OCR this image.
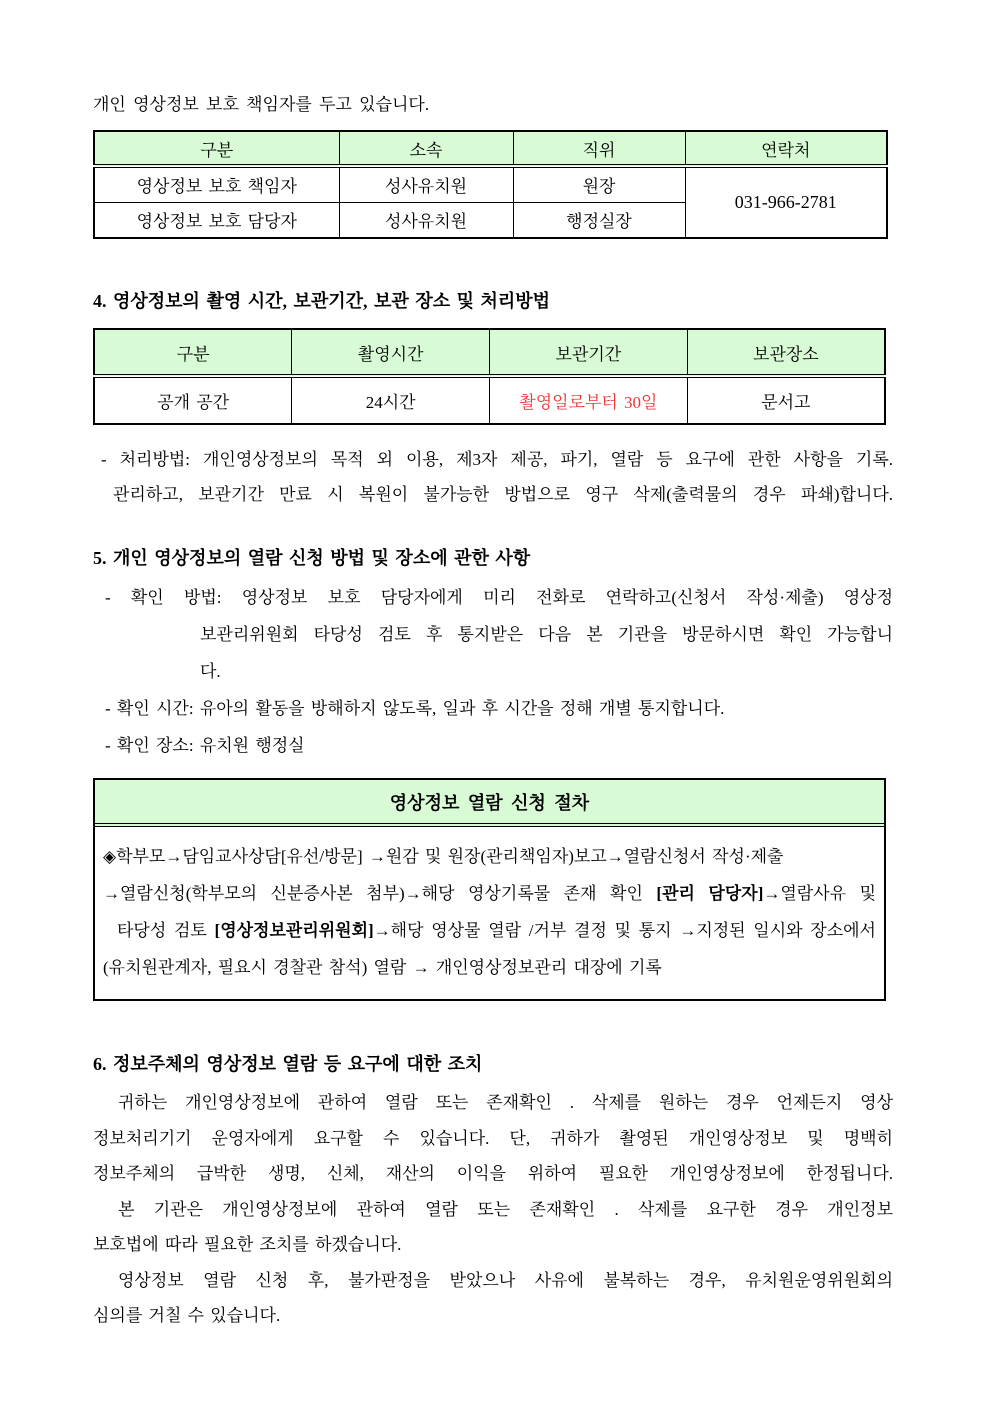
개인 영상정보 보호 책임자를 두고 있습니다.
구분	소속	직위	연락처
영상정보 보호 책임자	성사유치원	원장	031-966-2781
영상정보 보호 담당자	성사유치원	행정실장	
4. 영상정보의 촬영 시간, 보관기간, 보관 장소 및 처리방법
구분	촬영시간	보관기간	보관장소
공개 공간	24시간	촬영일로부터 30일	문서고
- 처리방법: 개인영상정보의 목적 외 이용, 제3자 제공, 파기, 열람 등 요구에 관한 사항을 기록.
관리하고, 보관기간 만료 시 복원이 불가능한 방법으로 영구 삭제(출력물의 경우 파쇄)합니다.
5. 개인 영상정보의 열람 신청 방법 및 장소에 관한 사항
- 확인 방법: 영상정보 보호 담당자에게 미리 전화로 연락하고(신청서 작성·제출) 영상정
보관리위원회 타당성 검토 후 통지받은 다음 본 기관을 방문하시면 확인 가능합니
다.
- 확인 시간: 유아의 활동을 방해하지 않도록, 일과 후 시간을 정해 개별 통지합니다.
- 확인 장소: 유치원 행정실
영상정보 열람 신청 절차
◈학부모→담임교사상담[유선/방문] →원감 및 원장(관리책임자)보고→열람신청서 작성·제출
→열람신청(학부모의 신분증사본 첨부)→해당 영상기록물 존재 확인 [관리 담당자]→열람사유 및
타당성 검토 [영상정보관리위원회]→해당 영상물 열람 /거부 결정 및 통지 →지정된 일시와 장소에서
(유치원관계자, 필요시 경찰관 참석) 열람 → 개인영상정보관리 대장에 기록
6. 정보주체의 영상정보 열람 등 요구에 대한 조치
귀하는 개인영상정보에 관하여 열람 또는 존재확인 . 삭제를 원하는 경우 언제든지 영상
정보처리기기 운영자에게 요구할 수 있습니다. 단, 귀하가 촬영된 개인영상정보 및 명백히
정보주체의 급박한 생명, 신체, 재산의 이익을 위하여 필요한 개인영상정보에 한정됩니다.
본 기관은 개인영상정보에 관하여 열람 또는 존재확인 . 삭제를 요구한 경우 개인정보
보호법에 따라 필요한 조치를 하겠습니다.
영상정보 열람 신청 후, 불가판정을 받았으나 사유에 불복하는 경우, 유치원운영위원회의
심의를 거칠 수 있습니다.
